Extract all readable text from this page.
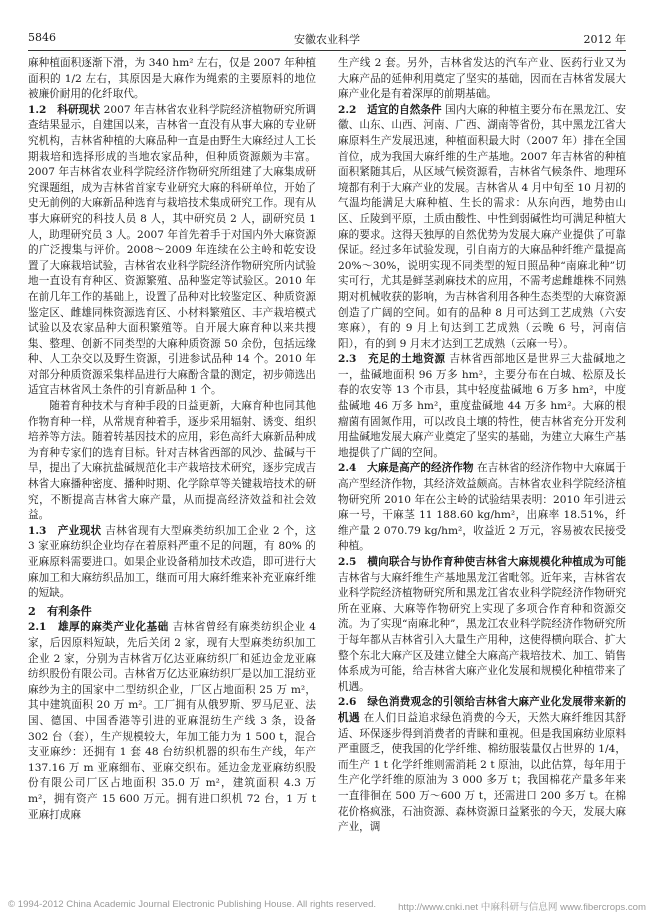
5846	安徽农业科学	2012 年

麻种植面积逐渐下滑，为 340 hm² 左右，仅是 2007 年种植面积的 1/2 左右，其原因是大麻作为绳索的主要原料的地位被廉价耐用的化纤取代。

1.2　科研现状 2007 年吉林省农业科学院经济植物研究所调查结果显示，自建国以来，吉林省一直没有从事大麻的专业研究机构，吉林省种植的大麻品种一直是由野生大麻经过人工长期栽培和选择形成的当地农家品种，但种质资源颇为丰富。2007 年吉林省农业科学院经济作物研究所组建了大麻集成研究课题组，成为吉林省首家专业研究大麻的科研单位，开始了史无前例的大麻新品种选育与栽培技术集成研究工作。现有从事大麻研究的科技人员 8 人，其中研究员 2 人，副研究员 1 人，助理研究员 3 人。2007 年首先着手于对国内外大麻资源的广泛搜集与评价。2008～2009 年连续在公主岭和乾安设置了大麻栽培试验，吉林省农业科学院经济作物研究所内试验地一直设有育种区、资源繁殖、品种鉴定等试验区。2010 年在前几年工作的基础上，设置了品种对比较鉴定区、种质资源鉴定区、雌雄同株资源选育区、小材料繁殖区、丰产栽培模式试验以及农家品种大面积繁殖等。自开展大麻育种以来共搜集、整理、创新不同类型的大麻种质资源 50 余份，包括远缘种、人工杂交以及野生资源，引进参试品种 14 个。2010 年对部分种质资源采集样品进行大麻酚含量的测定，初步筛选出适宜吉林省风土条件的引育新品种 1 个。

随着育种技术与育种手段的日益更新，大麻育种也同其他作物育种一样，从常规育种着手，逐步采用辐射、诱变、组织培养等方法。随着转基因技术的应用，彩色高纤大麻新品种成为育种专家们的选育目标。针对吉林省西部的风沙、盐碱与干旱，提出了大麻抗盐碱规范化丰产栽培技术研究，逐步完成吉林省大麻播种密度、播种时期、化学除草等关键栽培技术的研究，不断提高吉林省大麻产量，从而提高经济效益和社会效益。

1.3　产业现状 吉林省现有大型麻类纺织加工企业 2 个，这 3 家亚麻纺织企业均存在着原料严重不足的问题，有 80% 的亚麻原料需要进口。如果企业设备稍加技术改造，即可进行大麻加工和大麻纺织品加工，继而可用大麻纤维来补充亚麻纤维的短缺。

2　有利条件

2.1　雄厚的麻类产业化基础 吉林省曾经有麻类纺织企业 4 家，后因原料短缺，先后关闭 2 家，现有大型麻类纺织加工企业 2 家，分别为吉林省万亿达亚麻纺织厂和延边金龙亚麻纺织股份有限公司。吉林省万亿达亚麻纺织厂是以加工混纺亚麻纱为主的国家中二型纺织企业，厂区占地面积 25 万 m²，其中建筑面积 20 万 m²。工厂拥有从俄罗斯、罗马尼亚、法国、德国、中国香港等引进的亚麻混纺生产线 3 条，设备 302 台（套），生产规模较大，年加工能力为 1 500 t，混合支亚麻纱：还拥有 1 套 48 台纺织机器的织布生产线，年产 137.16 万 m 亚麻细布、亚麻交织布。延边金龙亚麻纺织股份有限公司厂区占地面积 35.0 万 m²，建筑面积 4.3 万 m²，拥有资产 15 600 万元。拥有进口织机 72 台，1 万 t 亚麻打成麻

生产线 2 套。另外，吉林省发达的汽车产业、医药行业又为大麻产品的延伸利用奠定了坚实的基础，因而在吉林省发展大麻产业化是有着深厚的前期基础。

2.2　适宜的自然条件 国内大麻的种植主要分布在黑龙江、安徽、山东、山西、河南、广西、湖南等省份，其中黑龙江省大麻原料生产发展迅速，种植面积最大时（2007 年）排在全国首位，成为我国大麻纤维的生产基地。2007 年吉林省的种植面积紧随其后，从区域气候资源看，吉林省气候条件、地理环境都有利于大麻产业的发展。吉林省从 4 月中旬至 10 月初的气温均能满足大麻种植、生长的需求：从东向西，地势由山区、丘陵到平原，土质由酸性、中性到弱碱性均可满足种植大麻的要求。这得天独厚的自然优势为发展大麻产业提供了可靠保证。经过多年试验发现，引自南方的大麻品种纤维产量提高 20%～30%，说明实现不同类型的短日照品种“南麻北种”切实可行，尤其是鲜茎剥麻技术的应用，不需考虑雌雄株不同熟期对机械收获的影响，为吉林省利用各种生态类型的大麻资源创造了广阔的空间。如有的品种 8 月可达到工艺成熟（六安寒麻），有的 9 月上旬达到工艺成熟（云晚 6 号，河南信阳），有的到 9 月末才达到工艺成熟（云麻一号）。

2.3　充足的土地资源 吉林省西部地区是世界三大盐碱地之一，盐碱地面积 96 万多 hm²，主要分布在白城、松原及长春的农安等 13 个市县，其中轻度盐碱地 6 万多 hm²，中度盐碱地 46 万多 hm²，重度盐碱地 44 万多 hm²。大麻的根瘤菌有固氮作用，可以改良土壤的特性，使吉林省充分开发利用盐碱地发展大麻产业奠定了坚实的基础，为建立大麻生产基地提供了广阔的空间。

2.4　大麻是高产的经济作物 在吉林省的经济作物中大麻属于高产型经济作物，其经济效益颇高。吉林省农业科学院经济植物研究所 2010 年在公主岭的试验结果表明：2010 年引进云麻一号，干麻茎 11 188.60 kg/hm²，出麻率 18.51%，纤维产量 2 070.79 kg/hm²，收益近 2 万元，容易被农民接受种植。

2.5　横向联合与协作育种使吉林省大麻规模化种植成为可能 吉林省与大麻纤维生产基地黑龙江省毗邻。近年来，吉林省农业科学院经济植物研究所和黑龙江省农业科学院经济作物研究所在亚麻、大麻等作物研究上实现了多项合作育种和资源交流。为了实现“南麻北种”，黑龙江农业科学院经济作物研究所于每年都从吉林省引入大量生产用种，这使得横向联合、扩大整个东北大麻产区及建立健全大麻高产栽培技术、加工、销售体系成为可能，给吉林省大麻产业化发展和规模化种植带来了机遇。

2.6　绿色消费观念的引领给吉林省大麻产业化发展带来新的机遇 在人们日益追求绿色消费的今天，天然大麻纤维因其舒适、环保逐步得到消费者的青睐和重视。但是我国麻纺业原料严重匮乏，使我国的化学纤维、棉纺服装量仅占世界的 1/4，而生产 1 t 化学纤维则需消耗 2 t 原油，以此估算，每年用于生产化学纤维的原油为 3 000 多万 t；我国棉花产量多年来一直徘徊在 500 万～600 万 t，还需进口 200 多万 t。在棉花价格疯涨，石油资源、森林资源日益紧张的今天，发展大麻产业，调

© 1994-2012 China Academic Journal Electronic Publishing House. All rights reserved. http://www.cnki.net 中麻科研与信息网 www.fibercrops.com
